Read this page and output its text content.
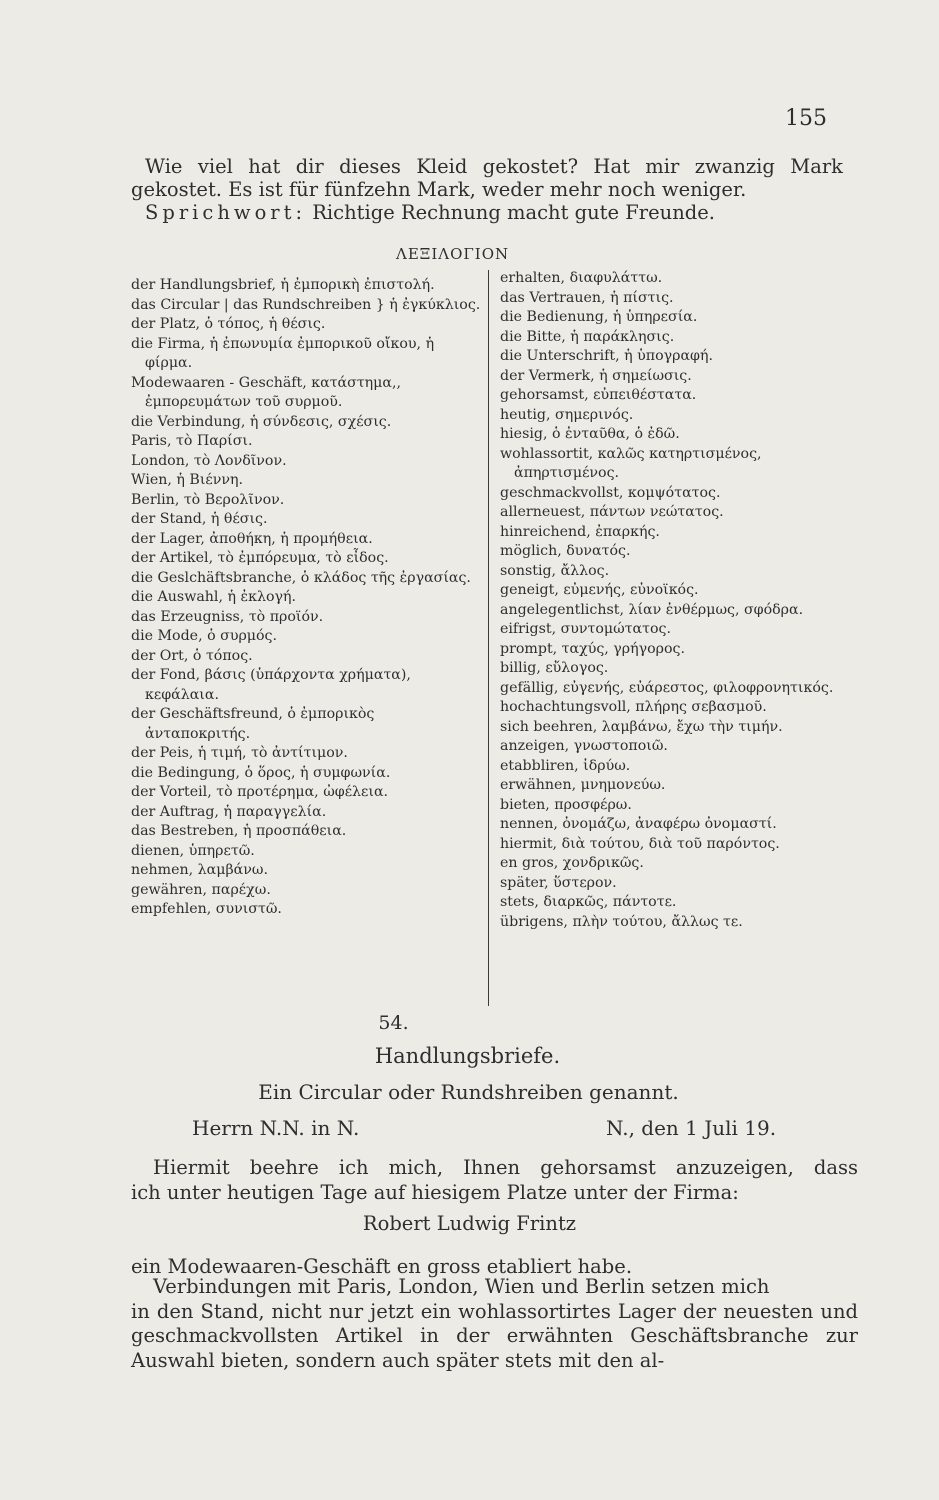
155
Wie viel hat dir dieses Kleid gekostet? Hat mir zwanzig Mark
gekostet. Es ist für fünfzehn Mark, weder mehr noch weniger.
Sprichwort: Richtige Rechnung macht gute Freunde.
ΛΕΞΙΛΟΓΙΟΝ
der Handlungsbrief, ἡ ἐμπορικὴ ἐπιστολή.
das Circular | das Rundschreiben } ἡ ἐγκύκλιος.
der Platz, ὁ τόπος, ἡ θέσις.
die Firma, ἡ ἐπωνυμία ἐμπορικοῦ οἴκου, ἡ φίρμα.
Modewaaren - Geschäft, κατάστημα,, ἐμπορευμάτων τοῦ συρμοῦ.
die Verbindung, ἡ σύνδεσις, σχέσις.
Paris, τὸ Παρίσι.
London, τὸ Λονδῖνον.
Wien, ἡ Βιέννη.
Berlin, τὸ Βερολῖνον.
der Stand, ἡ θέσις.
der Lager, ἀποθήκη, ἡ προμήθεια.
der Artikel, τὸ ἐμπόρευμα, τὸ εἶδος.
die Geslchäftsbranche, ὁ κλάδος τῆς ἐργασίας.
die Auswahl, ἡ ἐκλογή.
das Erzeugniss, τὸ προϊόν.
die Mode, ὁ συρμός.
der Ort, ὁ τόπος.
der Fond, βάσις (ὑπάρχοντα χρήματα), κεφάλαια.
der Geschäftsfreund, ὁ ἐμπορικὸς ἀνταποκριτής.
der Peis, ἡ τιμή, τὸ ἀντίτιμον.
die Bedingung, ὁ ὅρος, ἡ συμφωνία.
der Vorteil, τὸ προτέρημα, ὠφέλεια.
der Auftrag, ἡ παραγγελία.
das Bestreben, ἡ προσπάθεια.
dienen, ὑπηρετῶ.
nehmen, λαμβάνω.
gewähren, παρέχω.
empfehlen, συνιστῶ.
erhalten, διαφυλάττω.
das Vertrauen, ἡ πίστις.
die Bedienung, ἡ ὑπηρεσία.
die Bitte, ἡ παράκλησις.
die Unterschrift, ἡ ὑπογραφή.
der Vermerk, ἡ σημείωσις.
gehorsamst, εὐπειθέστατα.
heutig, σημερινός.
hiesig, ὁ ἐνταῦθα, ὁ ἐδῶ.
wohlassortit, καλῶς κατηρτισμένος, ἀπηρτισμένος.
geschmackvollst, κομψότατος.
allerneuest, πάντων νεώτατος.
hinreichend, ἐπαρκής.
möglich, δυνατός.
sonstig, ἄλλος.
geneigt, εὐμενής, εὐνοϊκός.
angelegentlichst, λίαν ἐνθέρμως, σφόδρα.
eifrigst, συντομώτατος.
prompt, ταχύς, γρήγορος.
billig, εὔλογος.
gefällig, εὐγενής, εὐάρεστος, φιλοφρονητικός.
hochachtungsvoll, πλήρης σεβασμοῦ.
sich beehren, λαμβάνω, ἔχω τὴν τιμήν.
anzeigen, γνωστοποιῶ.
etabbliren, ἱδρύω.
erwähnen, μνημονεύω.
bieten, προσφέρω.
nennen, ὀνομάζω, ἀναφέρω ὀνομαστί.
hiermit, διὰ τούτου, διὰ τοῦ παρόντος.
en gros, χονδρικῶς.
später, ὕστερον.
stets, διαρκῶς, πάντοτε.
übrigens, πλὴν τούτου, ἄλλως τε.
54.
Handlungsbriefe.
Ein Circular oder Rundshreiben genannt.
Herrn N.N. in N.	N., den 1 Juli 19.
Hiermit beehre ich mich, Ihnen gehorsamst anzuzeigen, dass
ich unter heutigen Tage auf hiesigem Platze unter der Firma:
Robert Ludwig Frintz
ein Modewaaren-Geschäft en gross etabliert habe.
Verbindungen mit Paris, London, Wien und Berlin setzen mich
in den Stand, nicht nur jetzt ein wohlassortirtes Lager der neuesten und geschmackvollsten Artikel in der erwähnten Geschäftsbranche zur Auswahl bieten, sondern auch später stets mit den al-
